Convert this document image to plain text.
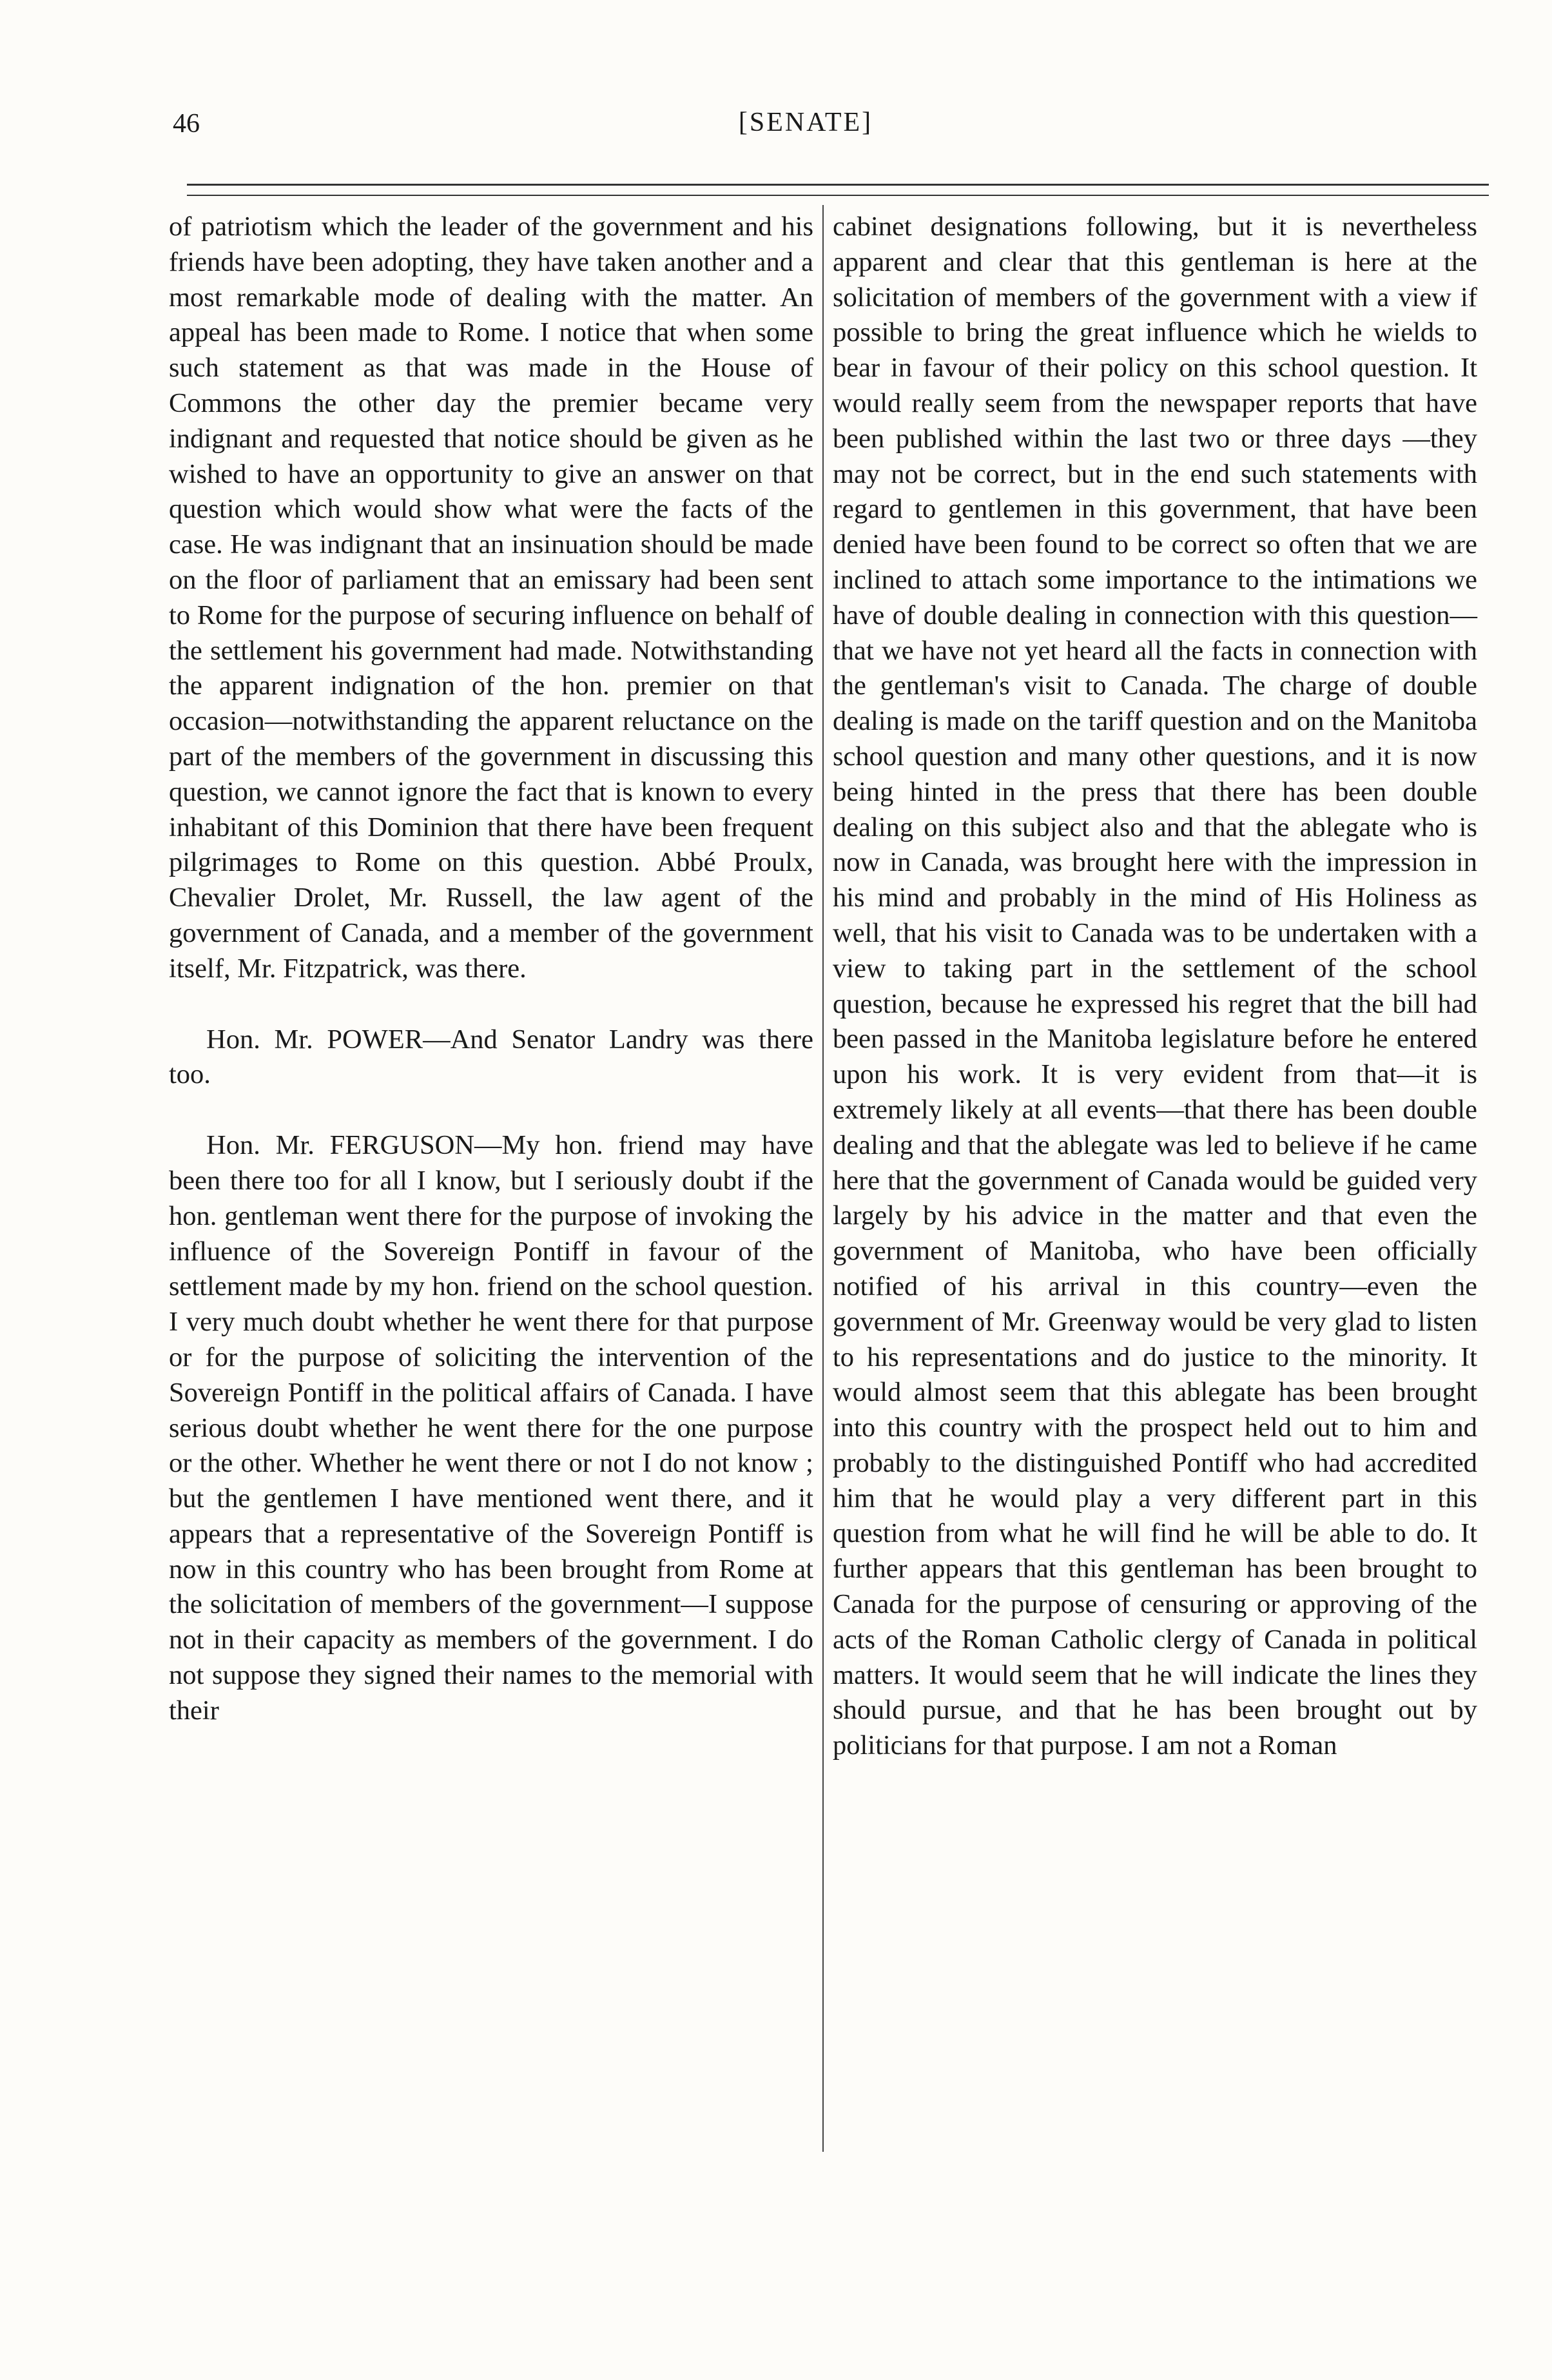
46	[SENATE]

of patriotism which the leader of the government and his friends have been adopting, they have taken another and a most remarkable mode of dealing with the matter. An appeal has been made to Rome. I notice that when some such statement as that was made in the House of Commons the other day the premier became very indignant and requested that notice should be given as he wished to have an opportunity to give an answer on that question which would show what were the facts of the case. He was indignant that an insinuation should be made on the floor of parliament that an emissary had been sent to Rome for the purpose of securing influence on behalf of the settlement his government had made. Notwithstanding the apparent indignation of the hon. premier on that occasion—notwithstanding the apparent reluctance on the part of the members of the government in discussing this question, we cannot ignore the fact that is known to every inhabitant of this Dominion that there have been frequent pilgrimages to Rome on this question. Abbé Proulx, Chevalier Drolet, Mr. Russell, the law agent of the government of Canada, and a member of the government itself, Mr. Fitzpatrick, was there.

Hon. Mr. POWER—And Senator Landry was there too.

Hon. Mr. FERGUSON—My hon. friend may have been there too for all I know, but I seriously doubt if the hon. gentleman went there for the purpose of invoking the influence of the Sovereign Pontiff in favour of the settlement made by my hon. friend on the school question. I very much doubt whether he went there for that purpose or for the purpose of soliciting the intervention of the Sovereign Pontiff in the political affairs of Canada. I have serious doubt whether he went there for the one purpose or the other. Whether he went there or not I do not know ; but the gentlemen I have mentioned went there, and it appears that a representative of the Sovereign Pontiff is now in this country who has been brought from Rome at the solicitation of members of the government—I suppose not in their capacity as members of the government. I do not suppose they signed their names to the memorial with their

cabinet designations following, but it is nevertheless apparent and clear that this gentleman is here at the solicitation of members of the government with a view if possible to bring the great influence which he wields to bear in favour of their policy on this school question. It would really seem from the newspaper reports that have been published within the last two or three days —they may not be correct, but in the end such statements with regard to gentlemen in this government, that have been denied have been found to be correct so often that we are inclined to attach some importance to the intimations we have of double dealing in connection with this question—that we have not yet heard all the facts in connection with the gentleman's visit to Canada. The charge of double dealing is made on the tariff question and on the Manitoba school question and many other questions, and it is now being hinted in the press that there has been double dealing on this subject also and that the ablegate who is now in Canada, was brought here with the impression in his mind and probably in the mind of His Holiness as well, that his visit to Canada was to be undertaken with a view to taking part in the settlement of the school question, because he expressed his regret that the bill had been passed in the Manitoba legislature before he entered upon his work. It is very evident from that—it is extremely likely at all events—that there has been double dealing and that the ablegate was led to believe if he came here that the government of Canada would be guided very largely by his advice in the matter and that even the government of Manitoba, who have been officially notified of his arrival in this country—even the government of Mr. Greenway would be very glad to listen to his representations and do justice to the minority. It would almost seem that this ablegate has been brought into this country with the prospect held out to him and probably to the distinguished Pontiff who had accredited him that he would play a very different part in this question from what he will find he will be able to do. It further appears that this gentleman has been brought to Canada for the purpose of censuring or approving of the acts of the Roman Catholic clergy of Canada in political matters. It would seem that he will indicate the lines they should pursue, and that he has been brought out by politicians for that purpose. I am not a Roman
